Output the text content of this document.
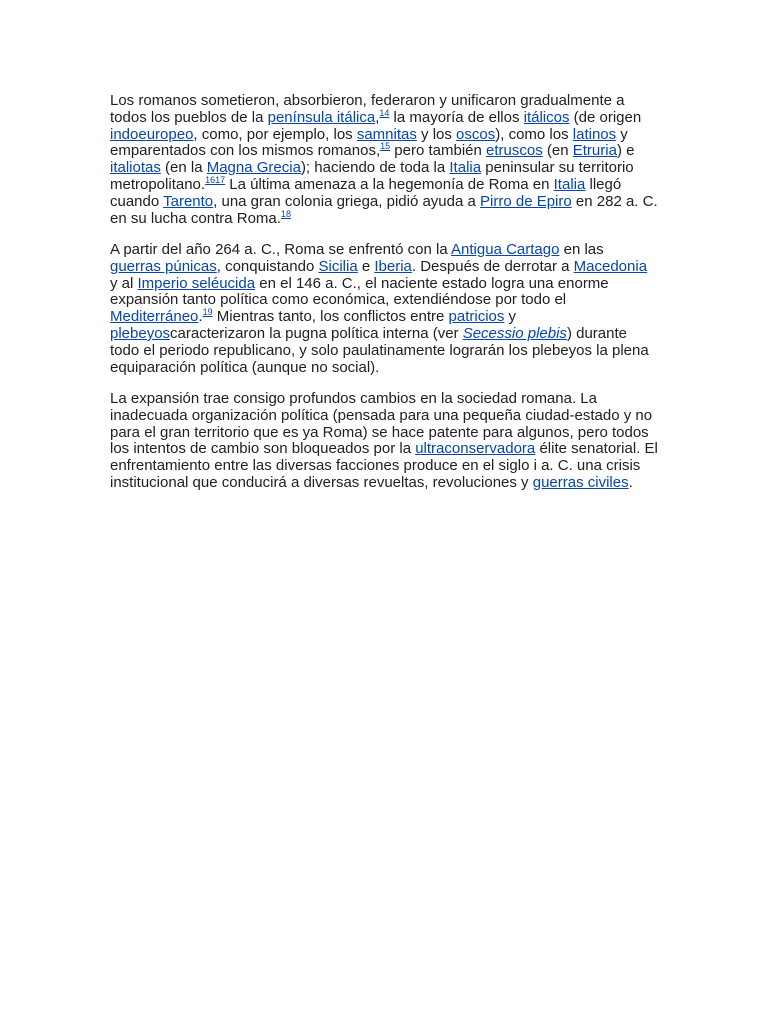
Los romanos sometieron, absorbieron, federaron y unificaron gradualmente a todos los pueblos de la península itálica,$^{14}$ la mayoría de ellos itálicos (de origen indoeuropeo, como, por ejemplo, los samnitas y los oscos), como los latinos y emparentados con los mismos romanos,$^{15}$ pero también etruscos (en Etruria) e italiotas (en la Magna Grecia); haciendo de toda la Italia peninsular su territorio metropolitano.$^{1617}$ La última amenaza a la hegemonía de Roma en Italia llegó cuando Tarento, una gran colonia griega, pidió ayuda a Pirro de Epiro en 282 a. C. en su lucha contra Roma.$^{18}$

A partir del año 264 a. C., Roma se enfrentó con la Antigua Cartago en las guerras púnicas, conquistando Sicilia e Iberia. Después de derrotar a Macedonia y al Imperio seléucida en el 146 a. C., el naciente estado logra una enorme expansión tanto política como económica, extendiéndose por todo el Mediterráneo.$^{19}$ Mientras tanto, los conflictos entre patricios y plebeyoscaracterizaron la pugna política interna (ver Secessio plebis) durante todo el periodo republicano, y solo paulatinamente lograrán los plebeyos la plena equiparación política (aunque no social).

La expansión trae consigo profundos cambios en la sociedad romana. La inadecuada organización política (pensada para una pequeña ciudad-estado y no para el gran territorio que es ya Roma) se hace patente para algunos, pero todos los intentos de cambio son bloqueados por la ultraconservadora élite senatorial. El enfrentamiento entre las diversas facciones produce en el siglo i a. C. una crisis institucional que conducirá a diversas revueltas, revoluciones y guerras civiles.
